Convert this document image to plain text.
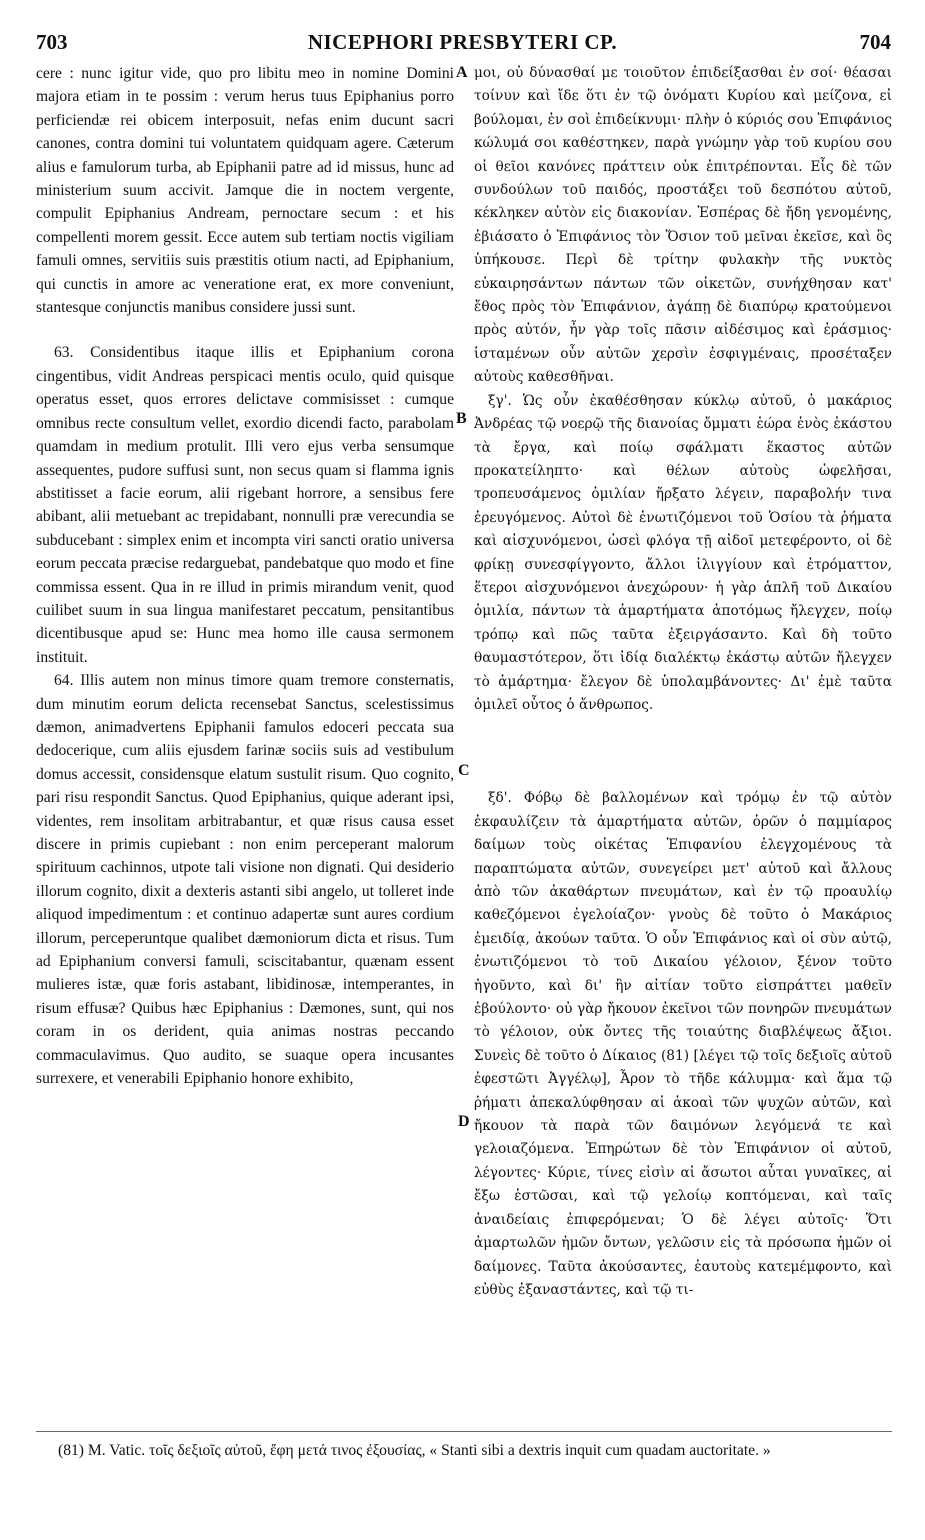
703	NICEPHORI PRESBYTERI CP.	704
cere : nunc igitur vide, quo pro libitu meo in nomine Domini majora etiam in te possim : verum herus tuus Epiphanius porro perficiendæ rei obicem interposuit, nefas enim ducunt sacri canones, contra domini tui voluntatem quidquam agere. Cæterum alius e famulorum turba, ab Epiphanii patre ad id missus, hunc ad ministerium suum accivit. Jamque die in noctem vergente, compulit Epiphanius Andream, pernoctare secum : et his compellenti morem gessit. Ecce autem sub tertiam noctis vigiliam famuli omnes, servitiis suis præstitis otium nacti, ad Epiphanium, qui cunctis in amore ac veneratione erat, ex more conveniunt, stantesque conjunctis manibus considere jussi sunt.
63. Considentibus itaque illis et Epiphanium corona cingentibus, vidit Andreas perspicaci mentis oculo, quid quisque operatus esset, quos errores delictave commisisset : cumque omnibus recte consultum vellet, exordio dicendi facto, parabolam quamdam in medium protulit. Illi vero ejus verba sensumque assequentes, pudore suffusi sunt, non secus quam si flamma ignis abstitisset a facie eorum, alii rigebant horrore, a sensibus fere abibant, alii metuebant ac trepidabant, nonnulli præ verecundia se subducebant : simplex enim et incompta viri sancti oratio universa eorum peccata præcise redarguebat, pandebatque quo modo et fine commissa essent. Qua in re illud in primis mirandum venit, quod cuilibet suum in sua lingua manifestaret peccatum, pensitantibus dicentibusque apud se: Hunc mea homo ille causa sermonem instituit.
64. Illis autem non minus timore quam tremore consternatis, dum minutim eorum delicta recensebat Sanctus, scelestissimus dæmon, animadvertens Epiphanii famulos edoceri peccata sua dedocerique, cum aliis ejusdem farinæ sociis suis ad vestibulum domus accessit, considensque elatum sustulit risum. Quo cognito, pari risu respondit Sanctus. Quod Epiphanius, quique aderant ipsi, videntes, rem insolitam arbitrabantur, et quæ risus causa esset discere in primis cupiebant : non enim perceperant malorum spirituum cachinnos, utpote tali visione non dignati. Qui desiderio illorum cognito, dixit a dexteris astanti sibi angelo, ut tolleret inde aliquod impedimentum : et continuo adapertæ sunt aures cordium illorum, perceperuntque qualibet dæmoniorum dicta et risus. Tum ad Epiphanium conversi famuli, sciscitabantur, quænam essent mulieres istæ, quæ foris astabant, libidinosæ, intemperantes, in risum effusæ? Quibus hæc Epiphanius : Dæmones, sunt, qui nos coram in os derident, quia animas nostras peccando commaculavimus. Quo audito, se suaque opera incusantes surrexere, et venerabili Epiphanio honore exhibito,
μοι, οὐ δύνασθαί με τοιοῦτον ἐπιδείξασθαι ἐν σοί· θέασαι τοίνυν καὶ ἴδε ὅτι ἐν τῷ ὀνόματι Κυρίου καὶ μείζονα, εἰ βούλομαι, ἐν σοὶ ἐπιδείκνυμι· πλὴν ὁ κύριός σου Ἐπιφάνιος κώλυμά σοι καθέστηκεν, παρὰ γνώμην γὰρ τοῦ κυρίου σου οἱ θεῖοι κανόνες πράττειν οὐκ ἐπιτρέπονται. Εἷς δὲ τῶν συνδούλων τοῦ παιδός, προστάξει τοῦ δεσπότου αὐτοῦ, κέκληκεν αὐτὸν εἰς διακονίαν. Ἑσπέρας δὲ ἤδη γενομένης, ἐβιάσατο ὁ Ἐπιφάνιος τὸν Ὅσιον τοῦ μεῖναι ἐκεῖσε, καὶ ὃς ὑπήκουσε. Περὶ δὲ τρίτην φυλακὴν τῆς νυκτὸς εὐκαιρησάντων πάντων τῶν οἰκετῶν, συνήχθησαν κατ' ἔθος πρὸς τὸν Ἐπιφάνιον, ἀγάπῃ δὲ διαπύρῳ κρατούμενοι πρὸς αὐτόν, ἦν γὰρ τοῖς πᾶσιν αἰδέσιμος καὶ ἐράσμιος· ἱσταμένων οὖν αὐτῶν χερσὶν ἐσφιγμέναις, προσέταξεν αὐτοὺς καθεσθῆναι.
ξγ'. Ὡς οὖν ἐκαθέσθησαν κύκλῳ αὐτοῦ, ὁ μακάριος Ἀνδρέας τῷ νοερῷ τῆς διανοίας ὄμματι ἑώρα ἑνὸς ἑκάστου τὰ ἔργα, καὶ ποίῳ σφάλματι ἕκαστος αὐτῶν προκατείληπτο· καὶ θέλων αὐτοὺς ὠφελῆσαι, τροπευσάμενος ὁμιλίαν ἤρξατο λέγειν, παραβολήν τινα ἐρευγόμενος. Αὐτοὶ δὲ ἐνωτιζόμενοι τοῦ Ὁσίου τὰ ῥήματα καὶ αἰσχυνόμενοι, ὡσεὶ φλόγα τῇ αἰδοῖ μετεφέροντο, οἱ δὲ φρίκῃ συνεσφίγγοντο, ἄλλοι ἰλιγγίουν καὶ ἐτρόματτον, ἕτεροι αἰσχυνόμενοι ἀνεχώρουν· ἡ γὰρ ἁπλῆ τοῦ Δικαίου ὁμιλία, πάντων τὰ ἁμαρτήματα ἀποτόμως ἤλεγχεν, ποίῳ τρόπῳ καὶ πῶς ταῦτα ἐξειργάσαντο. Καὶ δὴ τοῦτο θαυμαστότερον, ὅτι ἰδίᾳ διαλέκτῳ ἑκάστῳ αὐτῶν ἤλεγχεν τὸ ἁμάρτημα· ἔλεγον δὲ ὑπολαμβάνοντες· Δι' ἐμὲ ταῦτα ὁμιλεῖ οὗτος ὁ ἄνθρωπος.
ξδ'. Φόβῳ δὲ βαλλομένων καὶ τρόμῳ ἐν τῷ αὐτὸν ἐκφαυλίζειν τὰ ἁμαρτήματα αὐτῶν, ὁρῶν ὁ παμμίαρος δαίμων τοὺς οἰκέτας Ἐπιφανίου ἐλεγχομένους τὰ παραπτώματα αὐτῶν, συνεγείρει μετ' αὐτοῦ καὶ ἄλλους ἀπὸ τῶν ἀκαθάρτων πνευμάτων, καὶ ἐν τῷ προαυλίῳ καθεζόμενοι ἐγελοίαζον· γνοὺς δὲ τοῦτο ὁ Μακάριος ἐμειδίᾳ, ἀκούων ταῦτα. Ὁ οὖν Ἐπιφάνιος καὶ οἱ σὺν αὐτῷ, ἐνωτιζόμενοι τὸ τοῦ Δικαίου γέλοιον, ξένον τοῦτο ἡγοῦντο, καὶ δι' ἣν αἰτίαν τοῦτο εἰσπράττει μαθεῖν ἐβούλοντο· οὐ γὰρ ἤκουον ἐκεῖνοι τῶν πονηρῶν πνευμάτων τὸ γέλοιον, οὐκ ὄντες τῆς τοιαύτης διαβλέψεως ἄξιοι. Συνεὶς δὲ τοῦτο ὁ Δίκαιος (81) [λέγει τῷ τοῖς δεξιοῖς αὐτοῦ ἐφεστῶτι Ἀγγέλῳ], Ἆρον τὸ τῆδε κάλυμμα· καὶ ἅμα τῷ ῥήματι ἀπεκαλύφθησαν αἱ ἀκοαὶ τῶν ψυχῶν αὐτῶν, καὶ ἤκουον τὰ παρὰ τῶν δαιμόνων λεγόμενά τε καὶ γελοιαζόμενα. Ἐπηρώτων δὲ τὸν Ἐπιφάνιον οἱ αὐτοῦ, λέγοντες· Κύριε, τίνες εἰσὶν αἱ ἄσωτοι αὗται γυναῖκες, αἱ ἔξω ἑστῶσαι, καὶ τῷ γελοίῳ κοπτόμεναι, καὶ ταῖς ἀναιδείαις ἐπιφερόμεναι; Ὁ δὲ λέγει αὐτοῖς· Ὅτι ἁμαρτωλῶν ἡμῶν ὄντων, γελῶσιν εἰς τὰ πρόσωπα ἡμῶν οἱ δαίμονες. Ταῦτα ἀκούσαντες, ἑαυτοὺς κατεμέμφοντο, καὶ εὐθὺς ἐξαναστάντες, καὶ τῷ τι-
A
B
C
D
(81) M. Vatic. τοῖς δεξιοῖς αὐτοῦ, ἔφη μετά τινος ἐξουσίας, « Stanti sibi a dextris inquit cum quadam auctoritate. »
